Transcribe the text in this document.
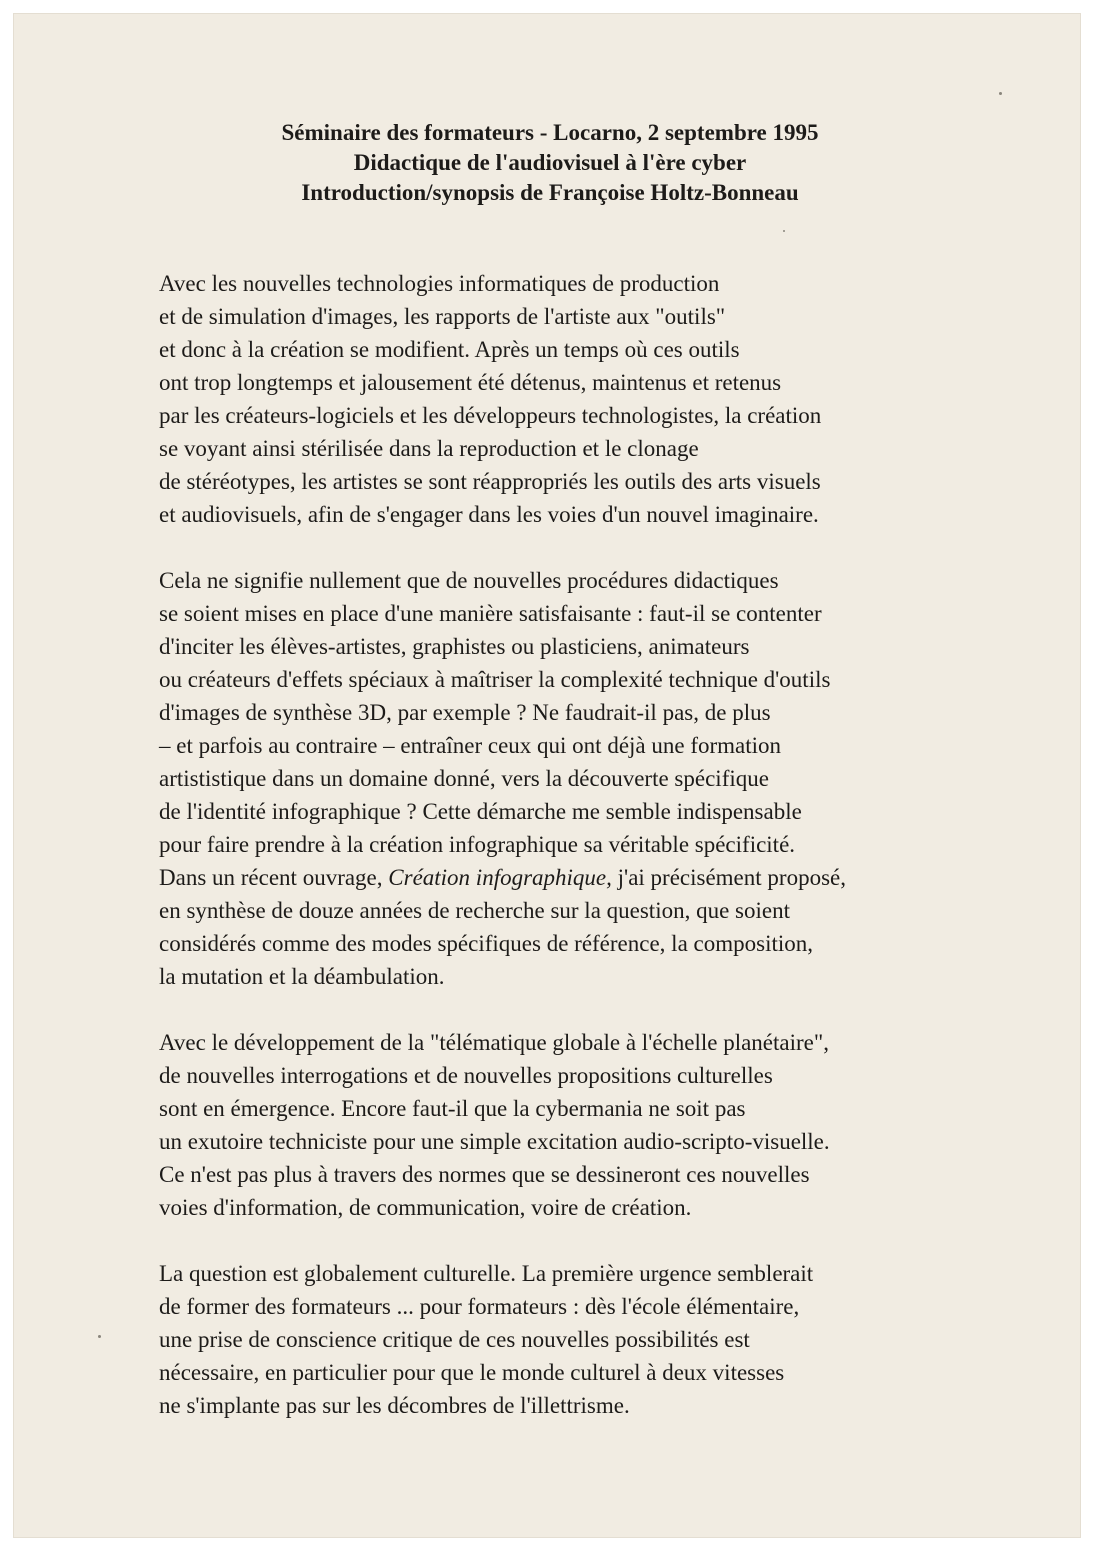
Séminaire des formateurs - Locarno, 2 septembre 1995
Didactique de l'audiovisuel à l'ère cyber
Introduction/synopsis de Françoise Holtz-Bonneau
Avec les nouvelles technologies informatiques de production
et de simulation d'images, les rapports de l'artiste aux "outils"
et donc à la création se modifient. Après un temps où ces outils
ont trop longtemps et jalousement été détenus, maintenus et retenus
par les créateurs-logiciels et les développeurs technologistes, la création
se voyant ainsi stérilisée dans la reproduction et le clonage
de stéréotypes, les artistes se sont réappropriés les outils des arts visuels
et audiovisuels, afin de s'engager dans les voies d'un nouvel imaginaire.
Cela ne signifie nullement que de nouvelles procédures didactiques
se soient mises en place d'une manière satisfaisante : faut-il se contenter
d'inciter les élèves-artistes, graphistes ou plasticiens, animateurs
ou créateurs d'effets spéciaux à maîtriser la complexité technique d'outils
d'images de synthèse 3D, par exemple ? Ne faudrait-il pas, de plus
– et parfois au contraire – entraîner ceux qui ont déjà une formation
artististique dans un domaine donné, vers la découverte spécifique
de l'identité infographique ? Cette démarche me semble indispensable
pour faire prendre à la création infographique sa véritable spécificité.
Dans un récent ouvrage, Création infographique, j'ai précisément proposé,
en synthèse de douze années de recherche sur la question, que soient
considérés comme des modes spécifiques de référence, la composition,
la mutation et la déambulation.
Avec le développement de la "télématique globale à l'échelle planétaire",
de nouvelles interrogations et de nouvelles propositions culturelles
sont en émergence. Encore faut-il que la cybermania ne soit pas
un exutoire techniciste pour une simple excitation audio-scripto-visuelle.
Ce n'est pas plus à travers des normes que se dessineront ces nouvelles
voies d'information, de communication, voire de création.
La question est globalement culturelle. La première urgence semblerait
de former des formateurs ... pour formateurs : dès l'école élémentaire,
une prise de conscience critique de ces nouvelles possibilités est
nécessaire, en particulier pour que le monde culturel à deux vitesses
ne s'implante pas sur les décombres de l'illettrisme.
